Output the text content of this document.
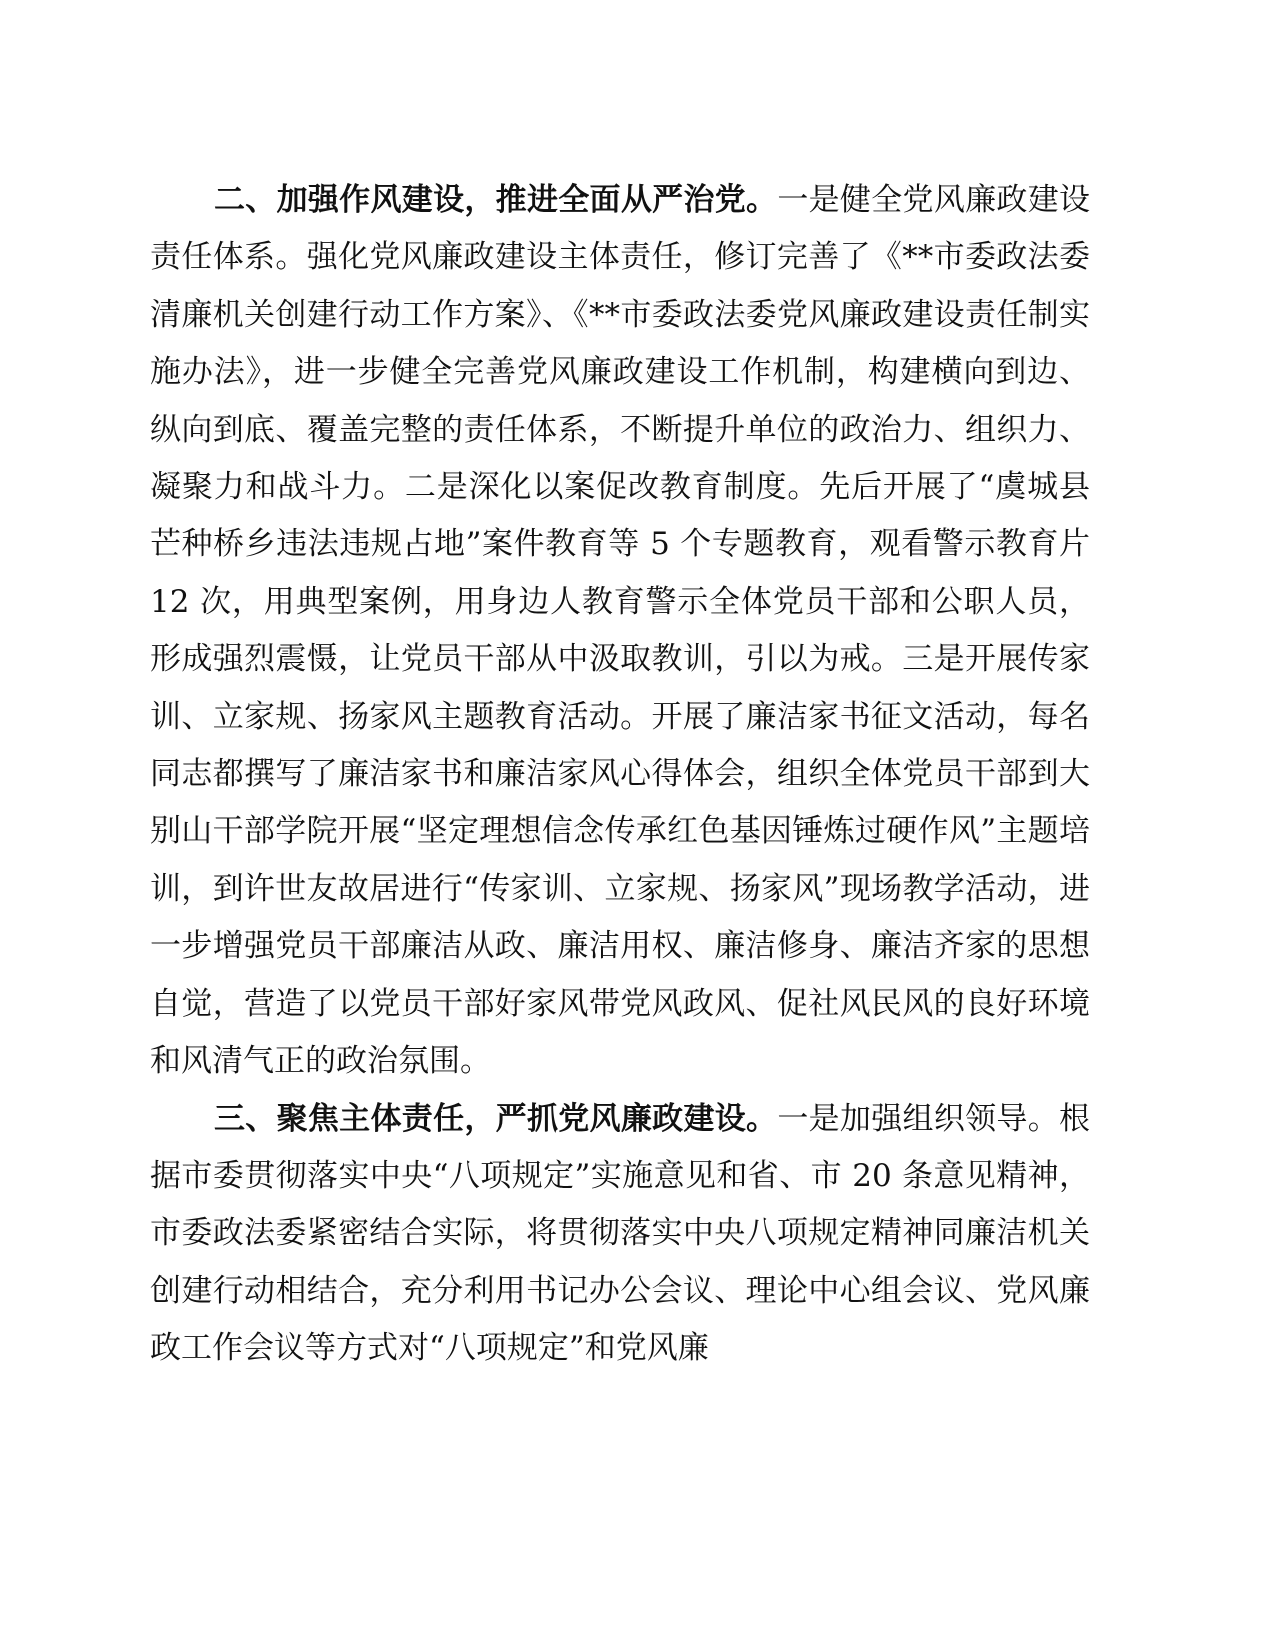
二、加强作风建设，推进全面从严治党。一是健全党风廉政建设责任体系。强化党风廉政建设主体责任，修订完善了《**市委政法委清廉机关创建行动工作方案》、《**市委政法委党风廉政建设责任制实施办法》，进一步健全完善党风廉政建设工作机制，构建横向到边、纵向到底、覆盖完整的责任体系，不断提升单位的政治力、组织力、凝聚力和战斗力。二是深化以案促改教育制度。先后开展了“虞城县芒种桥乡违法违规占地”案件教育等 5 个专题教育，观看警示教育片 12 次，用典型案例，用身边人教育警示全体党员干部和公职人员，形成强烈震慑，让党员干部从中汲取教训，引以为戒。三是开展传家训、立家规、扬家风主题教育活动。开展了廉洁家书征文活动，每名同志都撰写了廉洁家书和廉洁家风心得体会，组织全体党员干部到大别山干部学院开展“坚定理想信念传承红色基因锤炼过硬作风”主题培训，到许世友故居进行“传家训、立家规、扬家风”现场教学活动，进一步增强党员干部廉洁从政、廉洁用权、廉洁修身、廉洁齐家的思想自觉，营造了以党员干部好家风带党风政风、促社风民风的良好环境和风清气正的政治氛围。

三、聚焦主体责任，严抓党风廉政建设。一是加强组织领导。根据市委贯彻落实中央“八项规定”实施意见和省、市 20 条意见精神，市委政法委紧密结合实际，将贯彻落实中央八项规定精神同廉洁机关创建行动相结合，充分利用书记办公会议、理论中心组会议、党风廉政工作会议等方式对“八项规定”和党风廉
